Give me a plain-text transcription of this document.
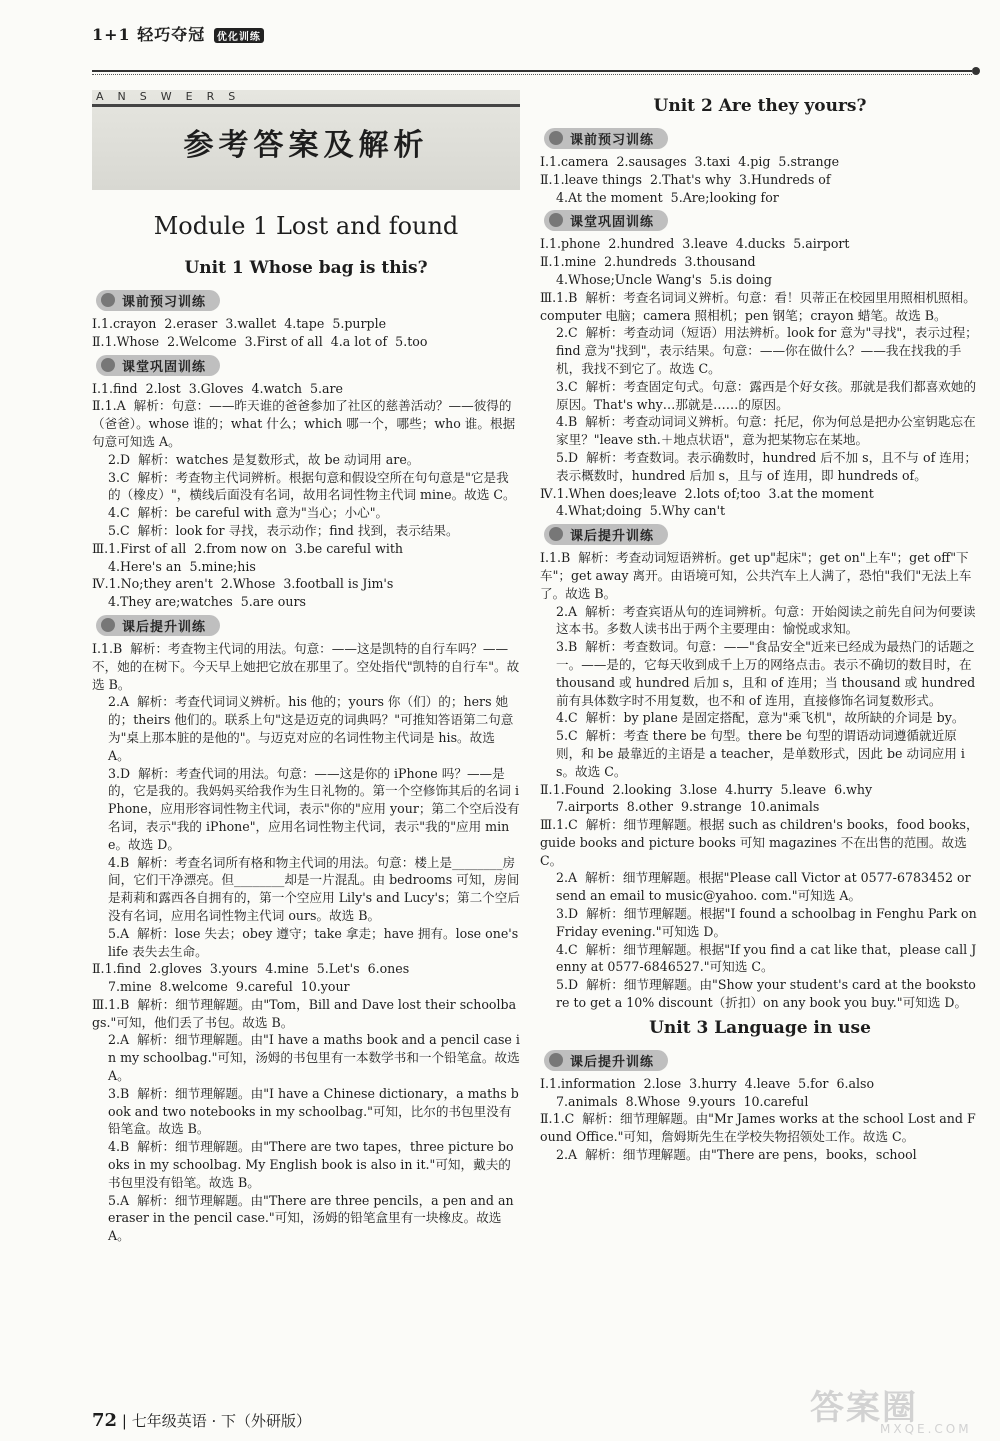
1+1 轻巧夺冠 优化训练
ANSWERS
参考答案及解析
Module 1 Lost and found
Unit 1 Whose bag is this?
课前预习训练
Ⅰ.1.crayon  2.eraser  3.wallet  4.tape  5.purple
Ⅱ.1.Whose  2.Welcome  3.First of all  4.a lot of  5.too
课堂巩固训练
Ⅰ.1.find  2.lost  3.Gloves  4.watch  5.are
Ⅱ.1.A  解析：句意：——昨天谁的爸爸参加了社区的慈善活动？——彼得的（爸爸）。whose 谁的；what 什么；which 哪一个，哪些；who 谁。根据句意可知选 A。
2.D  解析：watches 是复数形式，故 be 动词用 are。
3.C  解析：考查物主代词辨析。根据句意和假设空所在句句意是"它是我的（橡皮）"，横线后面没有名词，故用名词性物主代词 mine。故选 C。
4.C  解析：be careful with 意为"当心；小心"。
5.C  解析：look for 寻找，表示动作；find 找到，表示结果。
Ⅲ.1.First of all  2.from now on  3.be careful with
4.Here's an  5.mine;his
Ⅳ.1.No;they aren't  2.Whose  3.football is Jim's
4.They are;watches  5.are ours
课后提升训练
Ⅰ.1.B  解析：考查物主代词的用法。句意：——这是凯特的自行车吗？——不，她的在树下。今天早上她把它放在那里了。空处指代"凯特的自行车"。故选 B。
2.A  解析：考查代词词义辨析。his 他的；yours 你（们）的；hers 她的；theirs 他们的。联系上句"这是迈克的词典吗？"可推知答语第二句意为"桌上那本脏的是他的"。与迈克对应的名词性物主代词是 his。故选 A。
3.D  解析：考查代词的用法。句意：——这是你的 iPhone 吗？——是的，它是我的。我妈妈买给我作为生日礼物的。第一个空修饰其后的名词 iPhone，应用形容词性物主代词，表示"你的"应用 your；第二个空后没有名词，表示"我的 iPhone"，应用名词性物主代词，表示"我的"应用 mine。故选 D。
4.B  解析：考查名词所有格和物主代词的用法。句意：楼上是________房间，它们干净漂亮。但________却是一片混乱。由 bedrooms 可知，房间是莉莉和露西各自拥有的，第一个空应用 Lily's and Lucy's；第二个空后没有名词，应用名词性物主代词 ours。故选 B。
5.A  解析：lose 失去；obey 遵守；take 拿走；have 拥有。lose one's life 表失去生命。
Ⅱ.1.find  2.gloves  3.yours  4.mine  5.Let's  6.ones
7.mine  8.welcome  9.careful  10.your
Ⅲ.1.B  解析：细节理解题。由"Tom，Bill and Dave lost their schoolbags."可知，他们丢了书包。故选 B。
2.A  解析：细节理解题。由"I have a maths book and a pencil case in my schoolbag."可知，汤姆的书包里有一本数学书和一个铅笔盒。故选 A。
3.B  解析：细节理解题。由"I have a Chinese dictionary，a maths book and two notebooks in my schoolbag."可知，比尔的书包里没有铅笔盒。故选 B。
4.B  解析：细节理解题。由"There are two tapes，three picture books in my schoolbag. My English book is also in it."可知，戴夫的书包里没有铅笔。故选 B。
5.A  解析：细节理解题。由"There are three pencils，a pen and an eraser in the pencil case."可知，汤姆的铅笔盒里有一块橡皮。故选 A。
Unit 2 Are they yours?
课前预习训练
Ⅰ.1.camera  2.sausages  3.taxi  4.pig  5.strange
Ⅱ.1.leave things  2.That's why  3.Hundreds of
4.At the moment  5.Are;looking for
课堂巩固训练
Ⅰ.1.phone  2.hundred  3.leave  4.ducks  5.airport
Ⅱ.1.mine  2.hundreds  3.thousand
4.Whose;Uncle Wang's  5.is doing
Ⅲ.1.B  解析：考查名词词义辨析。句意：看！贝蒂正在校园里用照相机照相。computer 电脑；camera 照相机；pen 钢笔；crayon 蜡笔。故选 B。
2.C  解析：考查动词（短语）用法辨析。look for 意为"寻找"，表示过程；find 意为"找到"，表示结果。句意：——你在做什么？——我在找我的手机，我找不到它了。故选 C。
3.C  解析：考查固定句式。句意：露西是个好女孩。那就是我们都喜欢她的原因。That's why…那就是……的原因。
4.B  解析：考查动词词义辨析。句意：托尼，你为何总是把办公室钥匙忘在家里？"leave sth.＋地点状语"，意为把某物忘在某地。
5.D  解析：考查数词。表示确数时，hundred 后不加 s，且不与 of 连用；表示概数时，hundred 后加 s，且与 of 连用，即 hundreds of。
Ⅳ.1.When does;leave  2.lots of;too  3.at the moment
4.What;doing  5.Why can't
课后提升训练
Ⅰ.1.B  解析：考查动词短语辨析。get up"起床"；get on"上车"；get off"下车"；get away 离开。由语境可知，公共汽车上人满了，恐怕"我们"无法上车了。故选 B。
2.A  解析：考查宾语从句的连词辨析。句意：开始阅读之前先自问为何要读这本书。多数人读书出于两个主要理由：愉悦或求知。
3.B  解析：考查数词。句意：——"食品安全"近来已经成为最热门的话题之一。——是的，它每天收到成千上万的网络点击。表示不确切的数目时，在 thousand 或 hundred 后加 s，且和 of 连用；当 thousand 或 hundred 前有具体数字时不用复数，也不和 of 连用，直接修饰名词复数形式。
4.C  解析：by plane 是固定搭配，意为"乘飞机"，故所缺的介词是 by。
5.C  解析：考查 there be 句型。there be 句型的谓语动词遵循就近原则，和 be 最靠近的主语是 a teacher，是单数形式，因此 be 动词应用 is。故选 C。
Ⅱ.1.Found  2.looking  3.lose  4.hurry  5.leave  6.why
7.airports  8.other  9.strange  10.animals
Ⅲ.1.C  解析：细节理解题。根据 such as children's books，food books，guide books and picture books 可知 magazines 不在出售的范围。故选 C。
2.A  解析：细节理解题。根据"Please call Victor at 0577-6783452 or send an email to music@yahoo. com."可知选 A。
3.D  解析：细节理解题。根据"I found a schoolbag in Fenghu Park on Friday evening."可知选 D。
4.C  解析：细节理解题。根据"If you find a cat like that，please call Jenny at 0577-6846527."可知选 C。
5.D  解析：细节理解题。由"Show your student's card at the bookstore to get a 10% discount（折扣）on any book you buy."可知选 D。
Unit 3 Language in use
课后提升训练
Ⅰ.1.information  2.lose  3.hurry  4.leave  5.for  6.also
7.animals  8.Whose  9.yours  10.careful
Ⅱ.1.C  解析：细节理解题。由"Mr James works at the school Lost and Found Office."可知，詹姆斯先生在学校失物招领处工作。故选 C。
2.A  解析：细节理解题。由"There are pens，books，school
72 | 七年级英语 · 下（外研版）	答案圈
MXQE.COM
